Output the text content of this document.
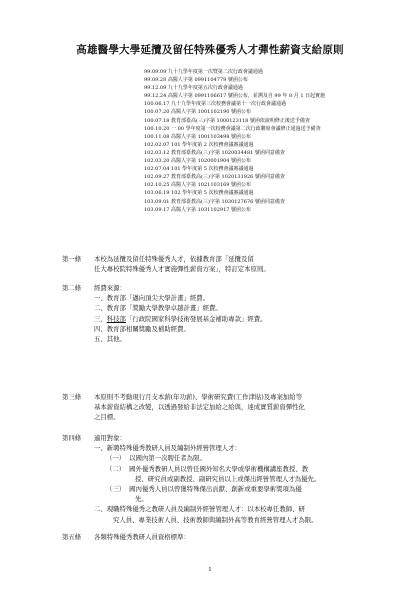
高雄醫學大學延攬及留任特殊優秀人才彈性薪資支給原則
99.09.09 九十九學年度第一次暨第二次行政會議通過
99.09.28 高醫人字第 0991104779 號函公布
99.12.09 九十九學年度第五次行政會議通過
99.12.24 高醫人字第 0991106617 號函公布，並溯及自 99 年 8 月 1 日起實施
100.06.17 九十九學年度第三次校務會議第十一次行政會議通過
100.07.20 高醫人字第 1001102190 號函公布
100.07.18 教育部臺高(三)字第 1000123118 號函依說明修正後送予備查
100.10.20 一 00 學年度第一次校務會議第二次行政聯席會議修正通過送予備查
100.11.08 高醫人字第 1001103498 號函公布
102.02.07 101 學年度第 2 次校務會議審議通過
102.03.12 教育部臺教高(三)字第 1020034481 號函同意備查
102.03.20 高醫人字第 1020001904 號函公布
102.07.04 101 學年度第 5 次校務會議審議通過
102.09.27 教育部臺教高(三)字第 1020131926 號函同意備查
102.10.25 高醫人字第 1021103169 號函公布
103.06.19 102 學年度第 5 次校務會議審議通過
103.09.01 教育部臺教高(三)字第 1030127676 號函同意備查
103.09.17 高醫人字第 1031102917 號函公布
第一條 本校為延攬及留任特殊優秀人才，依據教育部「延攬及留
任大專校院特殊優秀人才實施彈性薪資方案」，特訂定本原則。
第二條 經費來源：
一、教育部「邁向頂尖大學計畫」經費。
二、教育部「獎勵大學教學卓越計畫」經費。
三、科技部「行政院國家科學技術發展基金補助專款」經費。
四、教育部相關獎勵及補助經費。
五、其他。
第三條 本原則不考動現行月支本薪(年功薪)、學術研究費(工作津貼)及專案加給等
基本薪資結構之改變，以透過發給非法定加給之給與，達成實質薪資彈性化
之目標。
第四條 適用對象：
一、新聘特殊優秀教研人員及編制外經營管理人才：
（一） 以國內第一次聘任者為限。
（二） 國外優秀教研人員以曾任國外知名大學或學術機構講座教授、教
授、研究員或副教授、副研究員以上或傑出經營管理人才為優先。
（三） 國內優秀人員以曾獲特殊傑出貢獻、創新或重要學術獎項為優
先。
二、現職特殊優秀之教研人員及編制外經營管理人才：以本校專任教師、研
究人員、專業技術人員、技術教師與編制外高等教育經營管理人才為限。
第五條 各類特殊優秀教研人員資格標準：
1
